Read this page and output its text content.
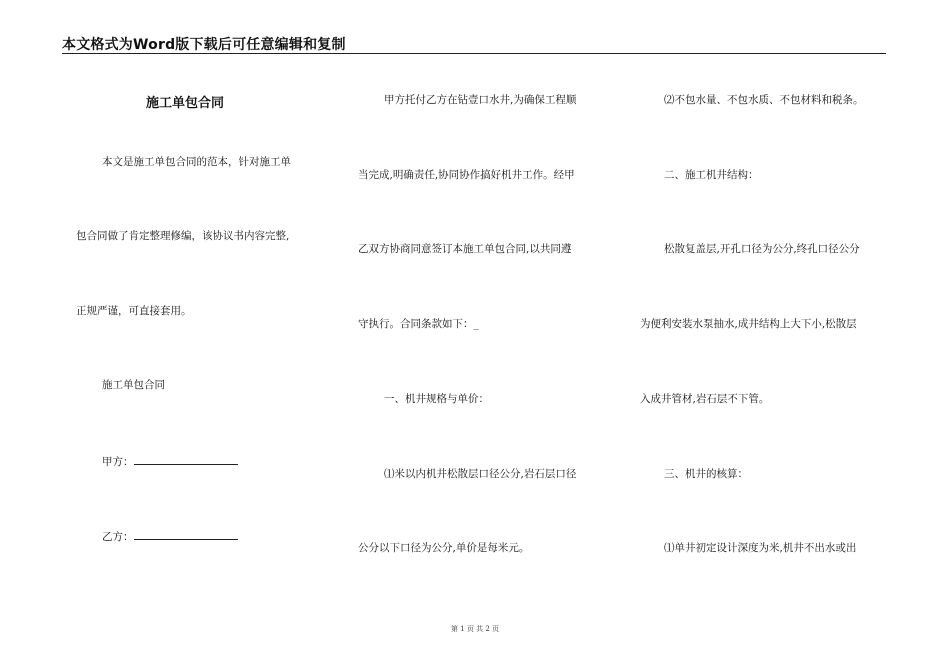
本文格式为Word版下载后可任意编辑和复制
施工单包合同
本文是施工单包合同的范本，针对施工单
包合同做了肯定整理修编，该协议书内容完整,
正规严谨，可直接套用。
施工单包合同
甲方：
乙方：
甲方托付乙方在钻壹口水井,为确保工程顺
当完成,明确责任,协同协作搞好机井工作。经甲
乙双方协商同意签订本施工单包合同,以共同遵
守执行。合同条款如下：_
一、机井规格与单价：
⑴米以内机井松散层口径公分,岩石层口径
公分以下口径为公分,单价是每米元。
⑵不包水量、不包水质、不包材料和税条。
二、施工机井结构：
松散复盖层,开孔口径为公分,终孔口径公分
为便利安装水泵抽水,成井结构上大下小,松散层
入成井管材,岩石层不下管。
三、机井的核算：
⑴单井初定设计深度为米,机井不出水或出
第 1 页 共 2 页
